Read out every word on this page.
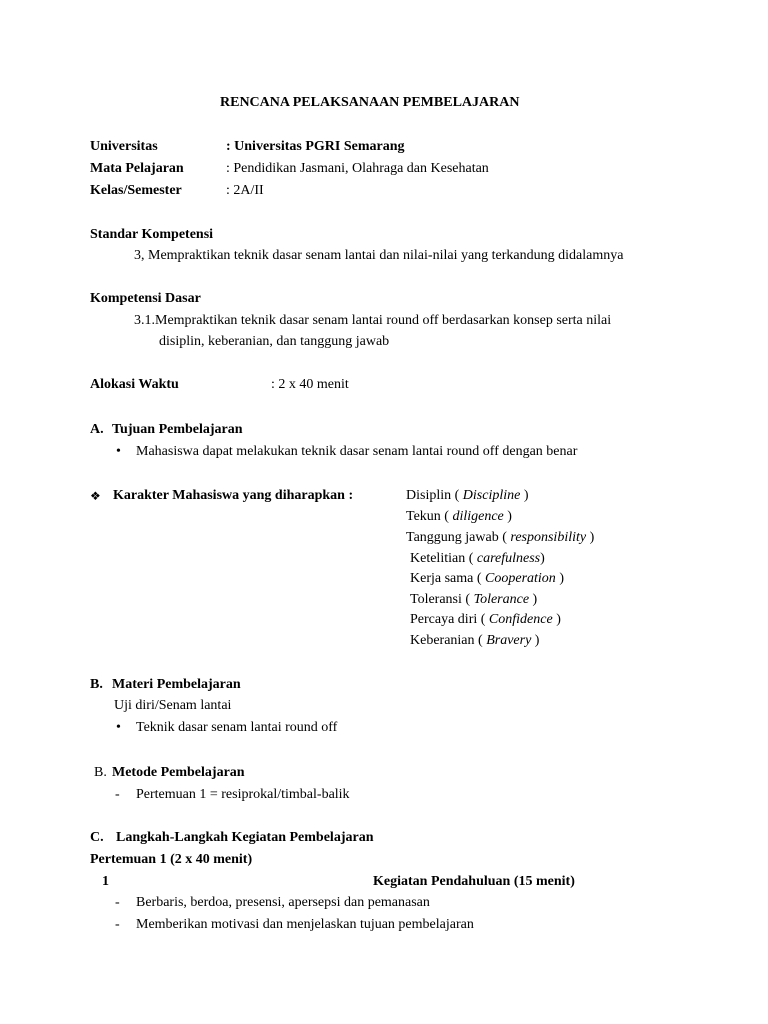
RENCANA PELAKSANAAN PEMBELAJARAN
Universitas	: Universitas PGRI Semarang
Mata Pelajaran	: Pendidikan Jasmani, Olahraga dan Kesehatan
Kelas/Semester	: 2A/II
Standar Kompetensi
3, Mempraktikan teknik dasar senam lantai dan nilai-nilai yang terkandung didalamnya
Kompetensi Dasar
3.1.Mempraktikan teknik dasar senam lantai round off berdasarkan konsep serta nilai
disiplin, keberanian, dan tanggung jawab
Alokasi Waktu	: 2 x 40 menit
A. Tujuan Pembelajaran
• Mahasiswa dapat melakukan teknik dasar senam lantai round off dengan benar
❖ Karakter Mahasiswa yang diharapkan :	Disiplin ( Discipline )
Tekun ( diligence )
Tanggung jawab ( responsibility )
Ketelitian ( carefulness)
Kerja sama ( Cooperation )
Toleransi ( Tolerance )
Percaya diri ( Confidence )
Keberanian ( Bravery )
B. Materi Pembelajaran
Uji diri/Senam lantai
• Teknik dasar senam lantai round off
B. Metode Pembelajaran
- Pertemuan 1 = resiprokal/timbal-balik
C. Langkah-Langkah Kegiatan Pembelajaran
Pertemuan 1 (2 x 40 menit)
1	Kegiatan Pendahuluan (15 menit)
- Berbaris, berdoa, presensi, apersepsi dan pemanasan
- Memberikan motivasi dan menjelaskan tujuan pembelajaran
